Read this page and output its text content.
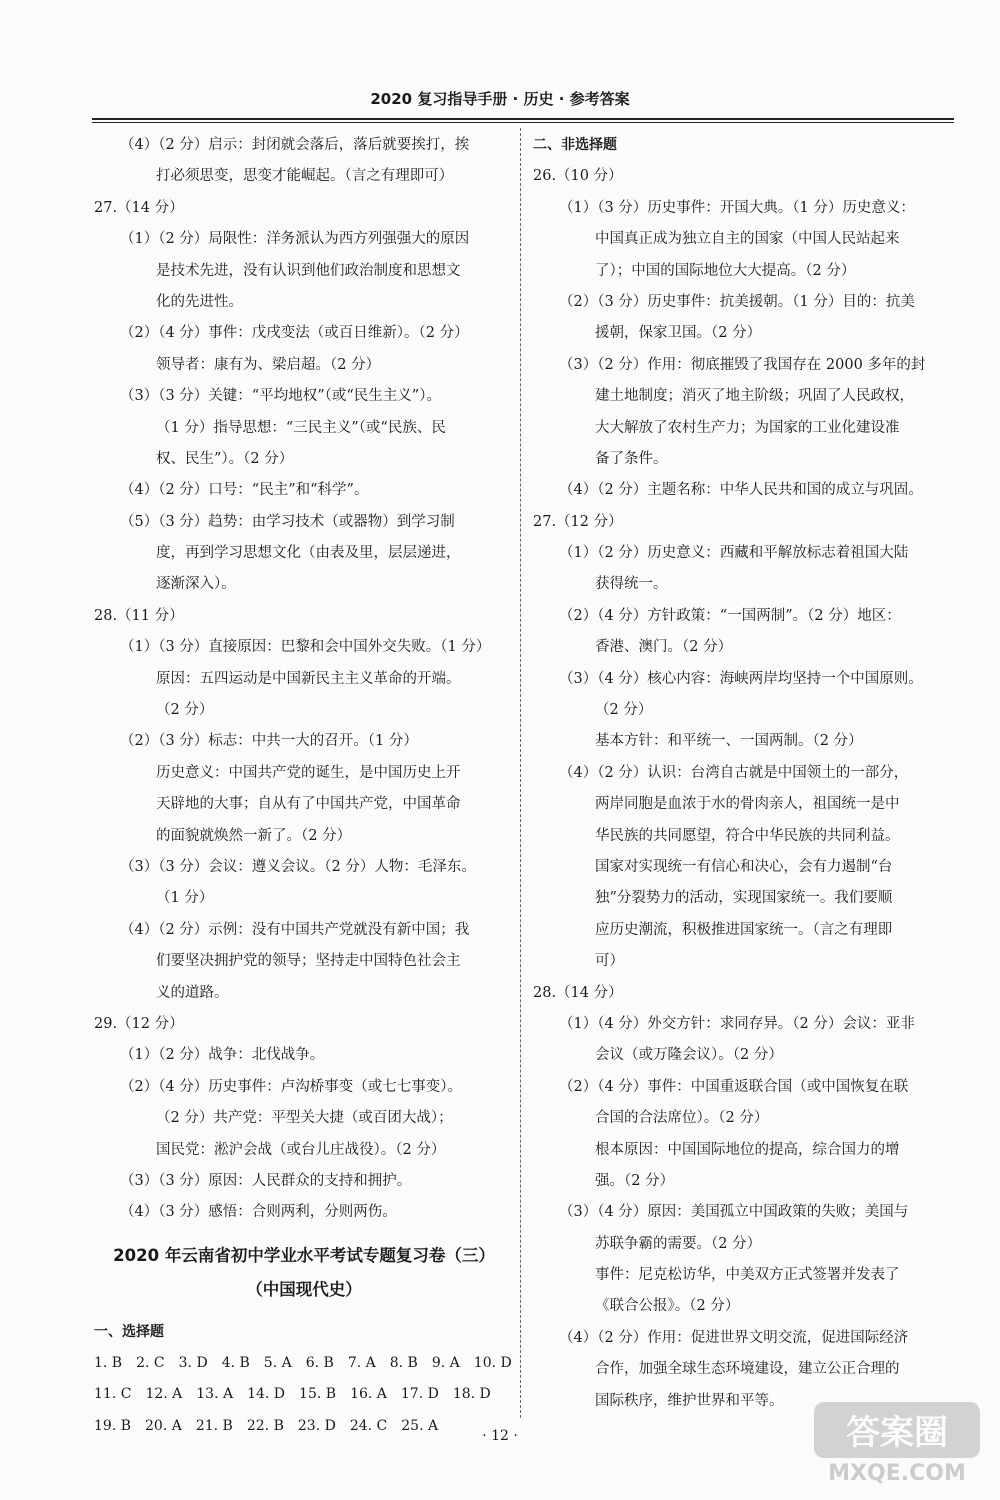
2020 复习指导手册 · 历史 · 参考答案
（4）（2 分）启示：封闭就会落后，落后就要挨打，挨
打必须思变，思变才能崛起。（言之有理即可）
27.（14 分）
（1）（2 分）局限性：洋务派认为西方列强强大的原因
是技术先进，没有认识到他们政治制度和思想文
化的先进性。
（2）（4 分）事件：戊戌变法（或百日维新）。（2 分）
领导者：康有为、梁启超。（2 分）
（3）（3 分）关键：“平均地权”（或“民生主义”）。
（1 分）指导思想：“三民主义”（或“民族、民
权、民生”）。（2 分）
（4）（2 分）口号：“民主”和“科学”。
（5）（3 分）趋势：由学习技术（或器物）到学习制
度，再到学习思想文化（由表及里，层层递进，
逐渐深入）。
28.（11 分）
（1）（3 分）直接原因：巴黎和会中国外交失败。（1 分）
原因：五四运动是中国新民主主义革命的开端。
（2 分）
（2）（3 分）标志：中共一大的召开。（1 分）
历史意义：中国共产党的诞生，是中国历史上开
天辟地的大事；自从有了中国共产党，中国革命
的面貌就焕然一新了。（2 分）
（3）（3 分）会议：遵义会议。（2 分）人物：毛泽东。
（1 分）
（4）（2 分）示例：没有中国共产党就没有新中国；我
们要坚决拥护党的领导；坚持走中国特色社会主
义的道路。
29.（12 分）
（1）（2 分）战争：北伐战争。
（2）（4 分）历史事件：卢沟桥事变（或七七事变）。
（2 分）共产党：平型关大捷（或百团大战）；
国民党：淞沪会战（或台儿庄战役）。（2 分）
（3）（3 分）原因：人民群众的支持和拥护。
（4）（3 分）感悟：合则两利，分则两伤。
2020 年云南省初中学业水平考试专题复习卷（三）
（中国现代史）
一、选择题
1. B 2. C 3. D 4. B 5. A 6. B 7. A 8. B 9. A 10. D
11. C 12. A 13. A 14. D 15. B 16. A 17. D 18. D
19. B 20. A 21. B 22. B 23. D 24. C 25. A
二、非选择题
26.（10 分）
（1）（3 分）历史事件：开国大典。（1 分）历史意义：
中国真正成为独立自主的国家（中国人民站起来
了）；中国的国际地位大大提高。（2 分）
（2）（3 分）历史事件：抗美援朝。（1 分）目的：抗美
援朝，保家卫国。（2 分）
（3）（2 分）作用：彻底摧毁了我国存在 2000 多年的封
建土地制度；消灭了地主阶级；巩固了人民政权，
大大解放了农村生产力；为国家的工业化建设准
备了条件。
（4）（2 分）主题名称：中华人民共和国的成立与巩固。
27.（12 分）
（1）（2 分）历史意义：西藏和平解放标志着祖国大陆
获得统一。
（2）（4 分）方针政策：“一国两制”。（2 分）地区：
香港、澳门。（2 分）
（3）（4 分）核心内容：海峡两岸均坚持一个中国原则。
（2 分）
基本方针：和平统一、一国两制。（2 分）
（4）（2 分）认识：台湾自古就是中国领土的一部分，
两岸同胞是血浓于水的骨肉亲人，祖国统一是中
华民族的共同愿望，符合中华民族的共同利益。
国家对实现统一有信心和决心，会有力遏制“台
独”分裂势力的活动，实现国家统一。我们要顺
应历史潮流，积极推进国家统一。（言之有理即
可）
28.（14 分）
（1）（4 分）外交方针：求同存异。（2 分）会议：亚非
会议（或万隆会议）。（2 分）
（2）（4 分）事件：中国重返联合国（或中国恢复在联
合国的合法席位）。（2 分）
根本原因：中国国际地位的提高，综合国力的增
强。（2 分）
（3）（4 分）原因：美国孤立中国政策的失败；美国与
苏联争霸的需要。（2 分）
事件：尼克松访华，中美双方正式签署并发表了
《联合公报》。（2 分）
（4）（2 分）作用：促进世界文明交流，促进国际经济
合作，加强全球生态环境建设，建立公正合理的
国际秩序，维护世界和平等。
· 12 ·	答案圈
MXQE.COM
